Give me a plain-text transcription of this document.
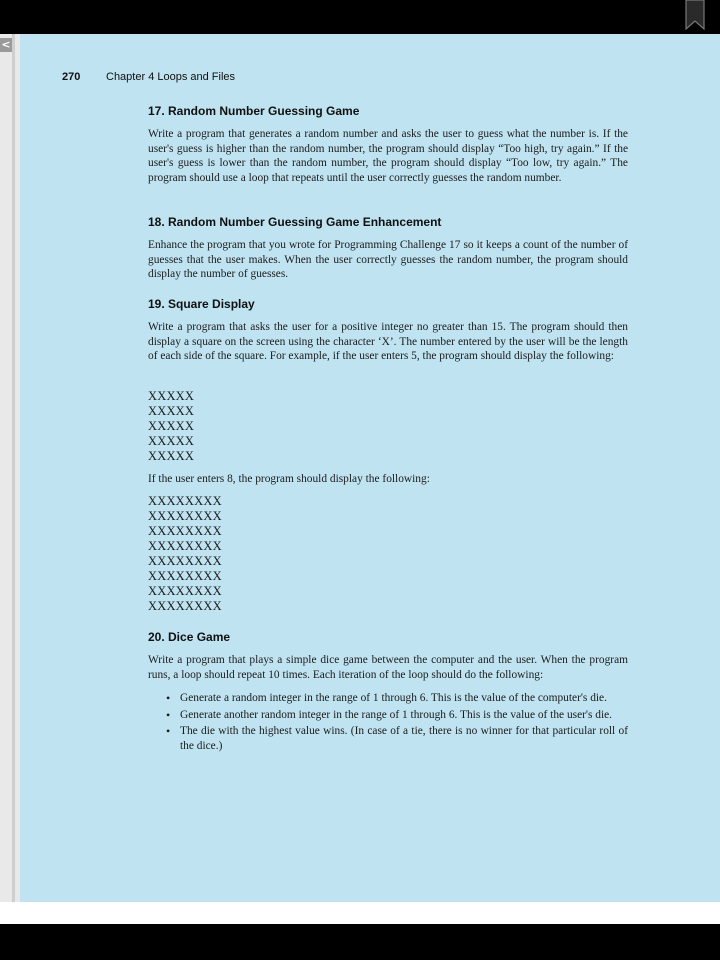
<
270 Chapter 4 Loops and Files
17. Random Number Guessing Game

Write a program that generates a random number and asks the user to guess what the number is. If the user's guess is higher than the random number, the program should display “Too high, try again.” If the user's guess is lower than the random number, the program should display “Too low, try again.” The program should use a loop that repeats until the user correctly guesses the random number.

18. Random Number Guessing Game Enhancement

Enhance the program that you wrote for Programming Challenge 17 so it keeps a count of the number of guesses that the user makes. When the user correctly guesses the random number, the program should display the number of guesses.

19. Square Display

Write a program that asks the user for a positive integer no greater than 15. The program should then display a square on the screen using the character ‘X’. The number entered by the user will be the length of each side of the square. For example, if the user enters 5, the program should display the following:

XXXXX
XXXXX
XXXXX
XXXXX
XXXXX

If the user enters 8, the program should display the following:

XXXXXXXX
XXXXXXXX
XXXXXXXX
XXXXXXXX
XXXXXXXX
XXXXXXXX
XXXXXXXX
XXXXXXXX
20. Dice Game

Write a program that plays a simple dice game between the computer and the user. When the program runs, a loop should repeat 10 times. Each iteration of the loop should do the following:

• Generate a random integer in the range of 1 through 6. This is the value of the computer's die.
• Generate another random integer in the range of 1 through 6. This is the value of the user's die.
• The die with the highest value wins. (In case of a tie, there is no winner for that particular roll of the dice.)
